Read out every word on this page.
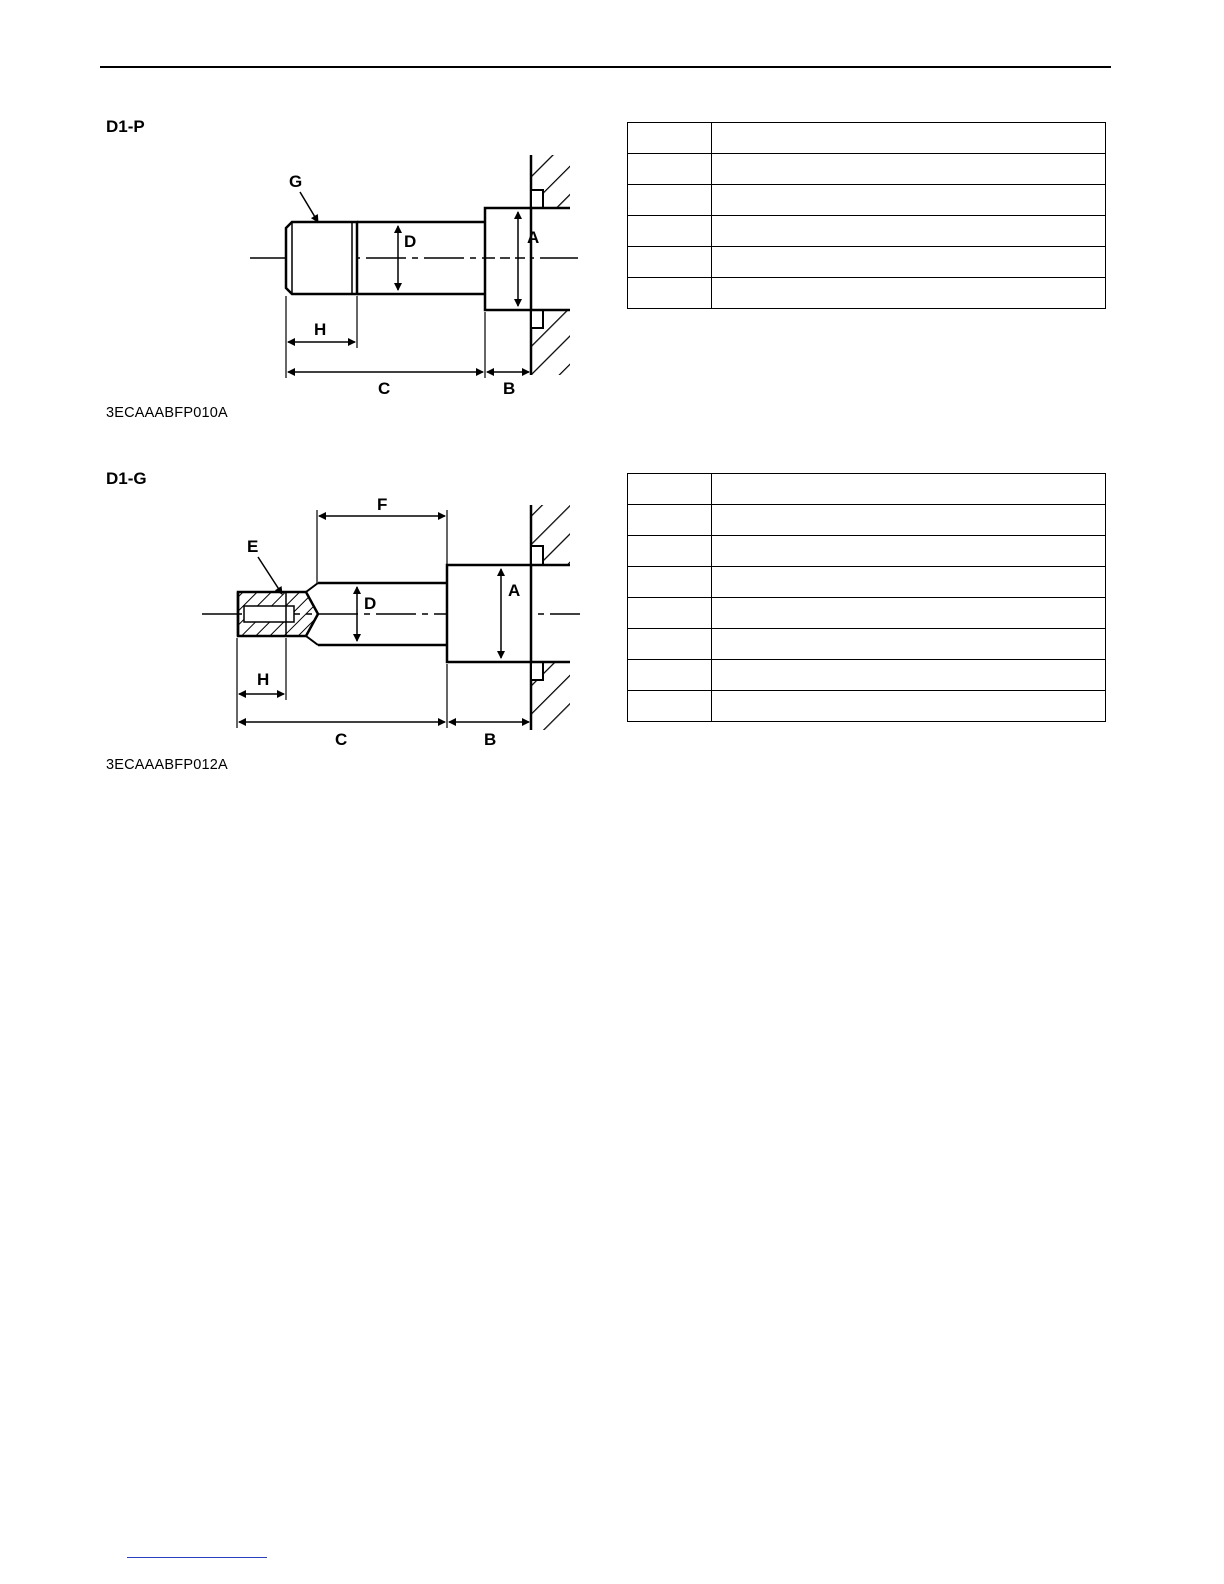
D1-P
D	A
G
H
C	B
3ECAAABFP010A

D1-G
D
A
E
F
H
C	B
3ECAAABFP012A
